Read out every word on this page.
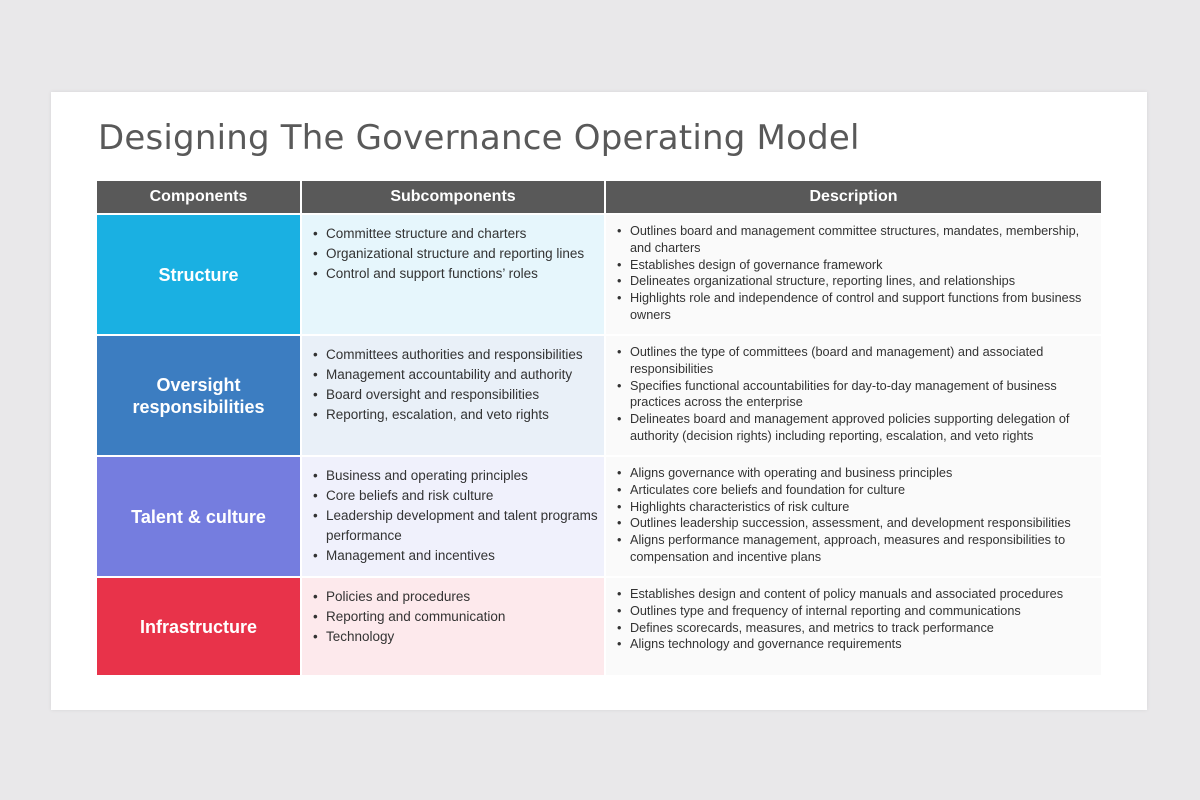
Designing The Governance Operating Model
Components	Subcomponents	Description
Structure
• Committee structure and charters
• Organizational structure and reporting lines
• Control and support functions’ roles
• Outlines board and management committee structures, mandates, membership, and charters
• Establishes design of governance framework
• Delineates organizational structure, reporting lines, and relationships
• Highlights role and independence of control and support functions from business owners
Oversight responsibilities
• Committees authorities and responsibilities
• Management accountability and authority
• Board oversight and responsibilities
• Reporting, escalation, and veto rights
• Outlines the type of committees (board and management) and associated responsibilities
• Specifies functional accountabilities for day-to-day management of business practices across the enterprise
• Delineates board and management approved policies supporting delegation of authority (decision rights) including reporting, escalation, and veto rights
Talent & culture
• Business and operating principles
• Core beliefs and risk culture
• Leadership development and talent programs performance
• Management and incentives
• Aligns governance with operating and business principles
• Articulates core beliefs and foundation for culture
• Highlights characteristics of risk culture
• Outlines leadership succession, assessment, and development responsibilities
• Aligns performance management, approach, measures and responsibilities to compensation and incentive plans
Infrastructure
• Policies and procedures
• Reporting and communication
• Technology
• Establishes design and content of policy manuals and associated procedures
• Outlines type and frequency of internal reporting and communications
• Defines scorecards, measures, and metrics to track performance
• Aligns technology and governance requirements
